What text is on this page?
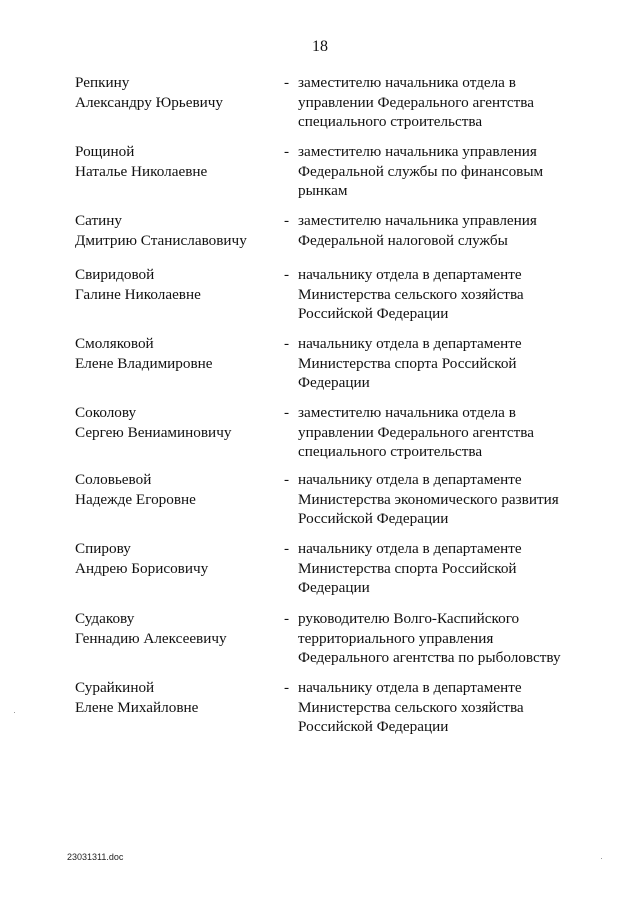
18
Репкину
Александру Юрьевичу
- заместителю начальника отдела в
управлении Федерального агентства
специального строительства
Рощиной
Наталье Николаевне
- заместителю начальника управления
Федеральной службы по финансовым
рынкам
Сатину
Дмитрию Станиславовичу
- заместителю начальника управления
Федеральной налоговой службы
Свиридовой
Галине Николаевне
- начальнику отдела в департаменте
Министерства сельского хозяйства
Российской Федерации
Смоляковой
Елене Владимировне
- начальнику отдела в департаменте
Министерства спорта Российской
Федерации
Соколову
Сергею Вениаминовичу
- заместителю начальника отдела в
управлении Федерального агентства
специального строительства
Соловьевой
Надежде Егоровне
- начальнику отдела в департаменте
Министерства экономического развития
Российской Федерации
Спирову
Андрею Борисовичу
- начальнику отдела в департаменте
Министерства спорта Российской
Федерации
Судакову
Геннадию Алексеевичу
- руководителю Волго-Каспийского
территориального управления
Федерального агентства по рыболовству
Сурайкиной
Елене Михайловне
- начальнику отдела в департаменте
Министерства сельского хозяйства
Российской Федерации
23031311.doc
